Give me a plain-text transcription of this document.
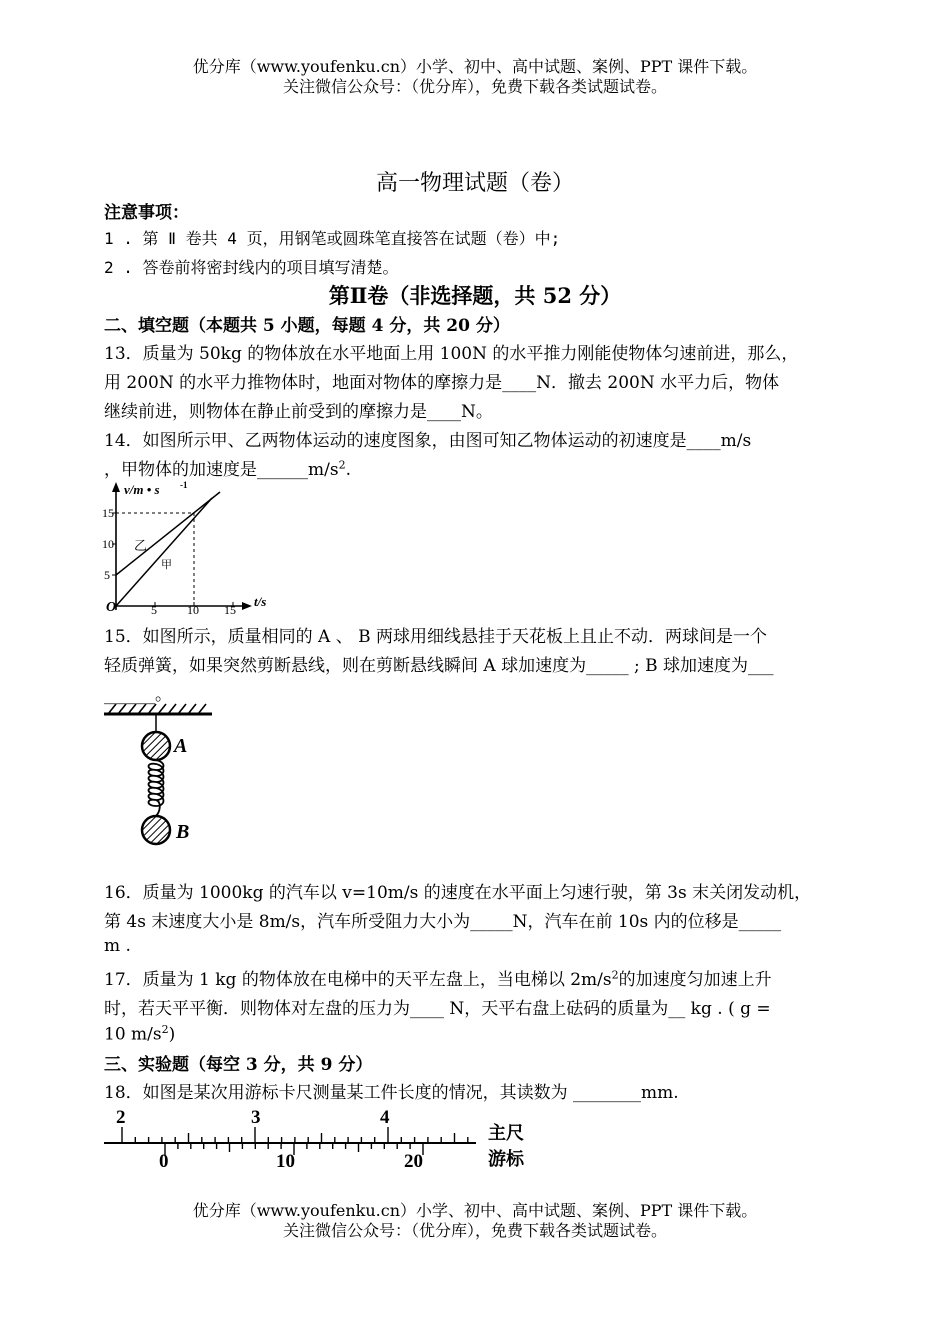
优分库（www.youfenku.cn）小学、初中、高中试题、案例、PPT 课件下载。
关注微信公众号：（优分库），免费下载各类试题试卷。
高一物理试题（卷）
注意事项：
1 . 第 Ⅱ 卷共 4 页，用钢笔或圆珠笔直接答在试题（卷）中;
2 . 答卷前将密封线内的项目填写清楚。
第Ⅱ卷（非选择题，共 52 分）
二、填空题（本题共 5 小题，每题 4 分，共 20 分）
13．质量为 50kg 的物体放在水平地面上用 100N 的水平推力刚能使物体匀速前进，那么，
用 200N 的水平力推物体时，地面对物体的摩擦力是____N．撤去 200N 水平力后，物体
继续前进，则物体在静止前受到的摩擦力是____N。
14．如图所示甲、乙两物体运动的速度图象，由图可知乙物体运动的初速度是____m/s
，甲物体的加速度是$\_\_\_\_\_\_m/s^2$.
v/m • s -1
t/s
O
15
10
5
5	10 15
乙
甲
15．如图所示，质量相同的 A 、 B 两球用细线悬挂于天花板上且止不动．两球间是一个
轻质弹簧，如果突然剪断悬线，则在剪断悬线瞬间 A 球加速度为_____ ; B 球加速度为___
______。
A
B
16．质量为 1000kg 的汽车以 v=10m/s 的速度在水平面上匀速行驶，第 3s 末关闭发动机，
第 4s 末速度大小是 8m/s，汽车所受阻力大小为_____N，汽车在前 10s 内的位移是_____
m .
17．质量为 1 kg 的物体放在电梯中的天平左盘上，当电梯以 $2m/s^2$的加速度匀加速上升
时，若天平平衡．则物体对左盘的压力为____ N，天平右盘上砝码的质量为__ kg . ( g =
10 $m/s^2$)
三、实验题（每空 3 分，共 9 分）
18．如图是某次用游标卡尺测量某工件长度的情况，其读数为 ________mm.
2	3	4
0	10	20
主尺
游标
优分库（www.youfenku.cn）小学、初中、高中试题、案例、PPT 课件下载。
关注微信公众号：（优分库），免费下载各类试题试卷。
